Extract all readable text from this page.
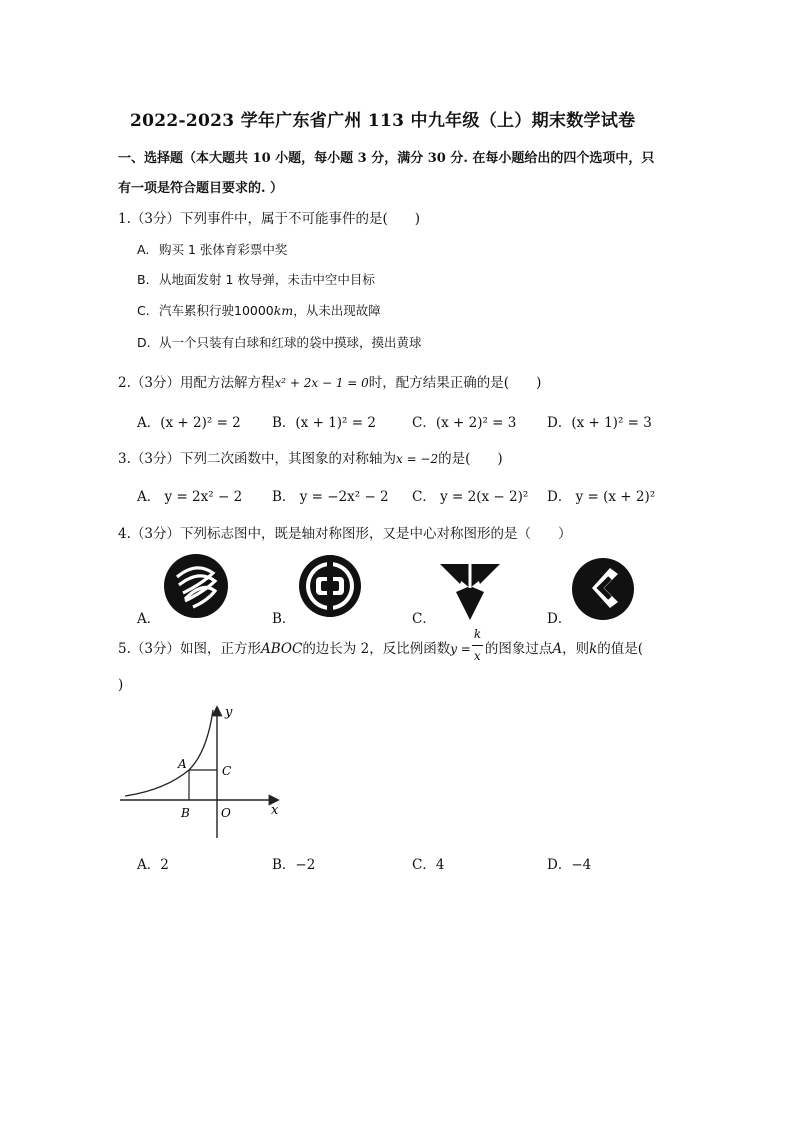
2022-2023 学年广东省广州 113 中九年级（上）期末数学试卷
一、选择题（本大题共 10 小题，每小题 3 分，满分 30 分. 在每小题给出的四个选项中，只
有一项是符合题目要求的. ）
1.（3分）下列事件中，属于不可能事件的是(　　)
A. 购买 1 张体育彩票中奖
B. 从地面发射 1 枚导弹，未击中空中目标
C. 汽车累积行驶10000km，从未出现故障
D. 从一个只装有白球和红球的袋中摸球，摸出黄球
2.（3分）用配方法解方程x² + 2x − 1 = 0时，配方结果正确的是(　　)
A．(x + 2)² = 2 B．(x + 1)² = 2	C．(x + 2)² = 3 D．(x + 1)² = 3
3.（3分）下列二次函数中，其图象的对称轴为x = −2的是(　　)
A． y = 2x² − 2 B． y = −2x² − 2 C． y = 2(x − 2)² D． y = (x + 2)²
4.（3分）下列标志图中，既是轴对称图形，又是中心对称图形的是（　　）
A．	B．	C．	D．
5.（3分）如图，正方形ABOC的边长为 2，反比例函数$y = \frac{k}{x}$ 的图象过点A，则k的值是(
)
y
x
A	C
B	O
A．2	B．−2	C．4	D．−4
